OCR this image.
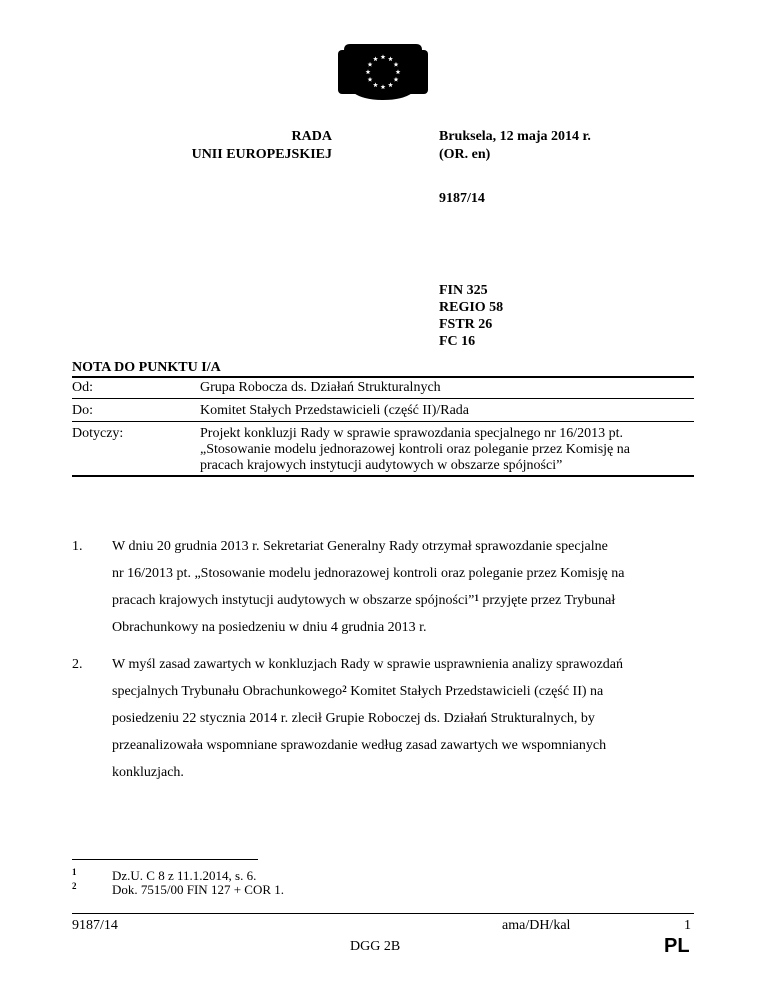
RADA
UNII EUROPEJSKIEJ
Bruksela, 12 maja 2014 r.
(OR. en)
9187/14
FIN 325
REGIO 58
FSTR 26
FC 16
NOTA DO PUNKTU I/A
Od:	Grupa Robocza ds. Działań Strukturalnych
Do:	Komitet Stałych Przedstawicieli (część II)/Rada
Dotyczy:	Projekt konkluzji Rady w sprawie sprawozdania specjalnego nr 16/2013 pt.
„Stosowanie modelu jednorazowej kontroli oraz poleganie przez Komisję na
pracach krajowych instytucji audytowych w obszarze spójności”
1. W dniu 20 grudnia 2013 r. Sekretariat Generalny Rady otrzymał sprawozdanie specjalne
nr 16/2013 pt. „Stosowanie modelu jednorazowej kontroli oraz poleganie przez Komisję na
pracach krajowych instytucji audytowych w obszarze spójności”$^1$ przyjęte przez Trybunał
Obrachunkowy na posiedzeniu w dniu 4 grudnia 2013 r.
2. W myśl zasad zawartych w konkluzjach Rady w sprawie usprawnienia analizy sprawozdań
specjalnych Trybunału Obrachunkowego$^2$ Komitet Stałych Przedstawicieli (część II) na
posiedzeniu 22 stycznia 2014 r. zlecił Grupie Roboczej ds. Działań Strukturalnych, by
przeanalizowała wspomniane sprawozdanie według zasad zawartych we wspomnianych
konkluzjach.
1	Dz.U. C 8 z 11.1.2014, s. 6.
2	Dok. 7515/00 FIN 127 + COR 1.
9187/14	ama/DH/kal	1
DGG 2B	PL
